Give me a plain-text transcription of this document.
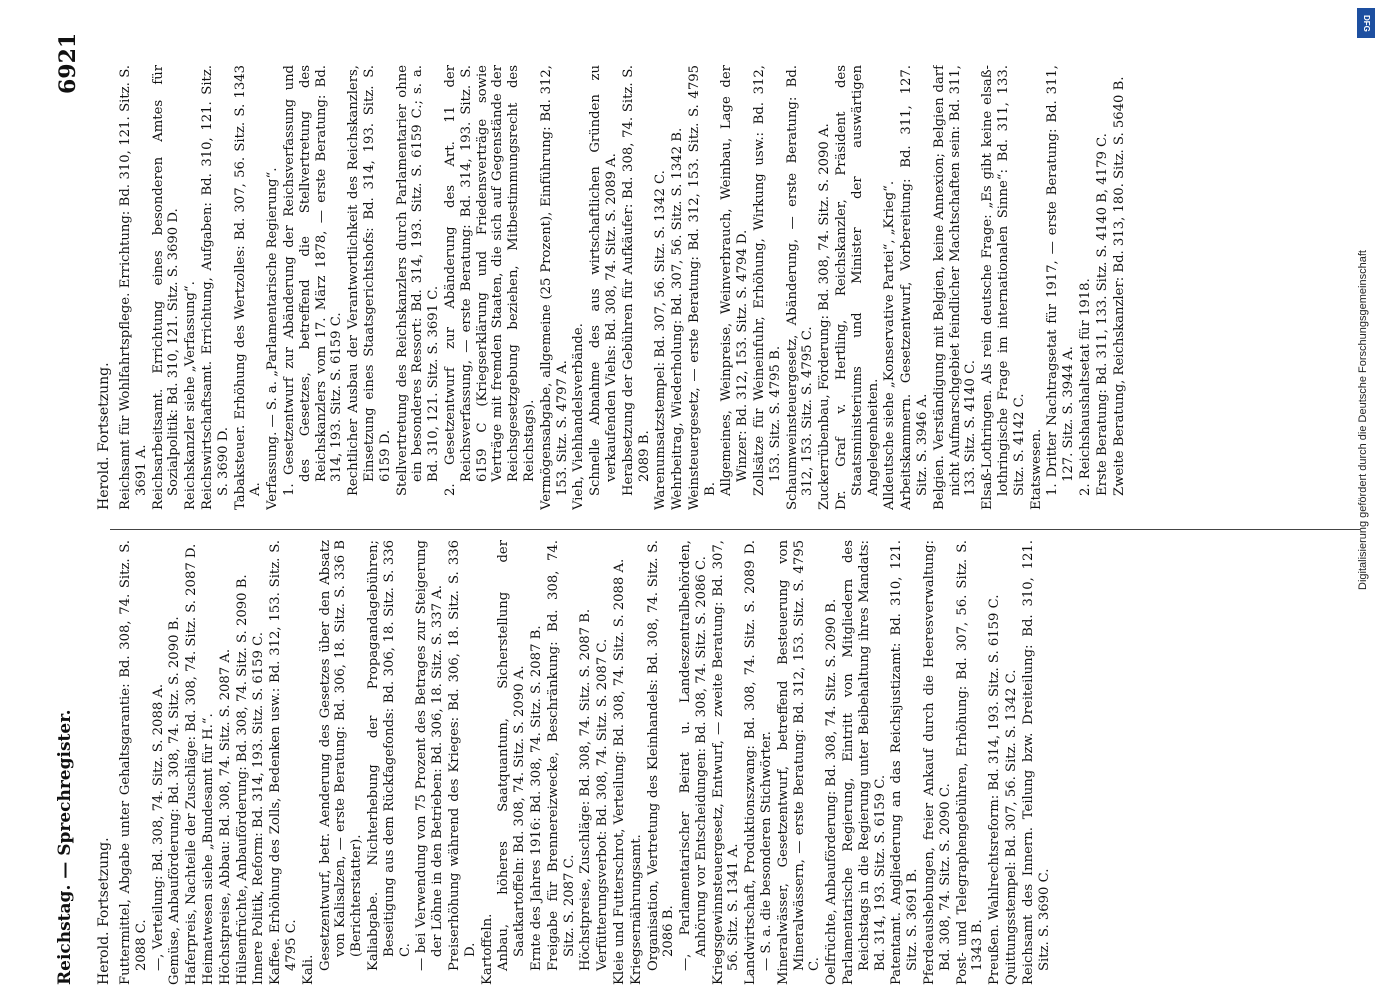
6921
Reichstag. — Sprechregister. Herold. Fortsetzung.
Herold. Fortsetzung.

Futtermittel, Abgabe unter Gehaltsgarantie: Bd. 308, 74. Sitz. S. 2088 C. —, Verteilung: Bd. 308, 74. Sitz. S. 2088 A. Gemüse, Anbauförderung: Bd. 308, 74. Sitz. S. 2090 B. Haferpreis, Nachteile der Zuschläge: Bd. 308, 74. Sitz. S. 2087 D. Heimatwesen siehe „Bundesamt für H.“. Höchstpreise, Abbau: Bd. 308, 74. Sitz. S. 2087 A. Hülsenfrüchte, Anbauförderung: Bd. 308, 74. Sitz. S. 2090 B. Innere Politik, Reform: Bd. 314, 193. Sitz. S. 6159 C. Kaffee. Erhöhung des Zolls, Bedenken usw.: Bd. 312, 153. Sitz. S. 4795 C. Kali. Gesetzentwurf, betr. Aenderung des Gesetzes über den Absatz von Kalisalzen, — erste Beratung: Bd. 306, 18. Sitz. S. 336 B (Berichterstatter). Kaliabgabe. Nichterhebung der Propagandagebühren; Beseitigung aus dem Rückfagefonds: Bd. 306, 18. Sitz. S. 336 C. — bei Verwendung von 75 Prozent des Betrages zur Steigerung der Löhne in den Betrieben: Bd. 306, 18. Sitz. S. 337 A. Preiserhöhung während des Krieges: Bd. 306, 18. Sitz. S. 336 D. Kartoffeln. Anbau, höheres Saatquantum, Sicherstellung der Saatkartoffeln: Bd. 308, 74. Sitz. S. 2090 A. Ernte des Jahres 1916: Bd. 308, 74. Sitz. S. 2087 B. Freigabe für Brennereizwecke, Beschränkung: Bd. 308, 74. Sitz. S. 2087 C. Höchstpreise, Zuschläge: Bd. 308, 74. Sitz. S. 2087 B. Verfütterungsverbot: Bd. 308, 74. Sitz. S. 2087 C. Kleie und Futterschrot, Verteilung: Bd. 308, 74. Sitz. S. 2088 A. Kriegsernährungsamt. Organisation, Vertretung des Kleinhandels: Bd. 308, 74. Sitz. S. 2086 B. —, Parlamentarischer Beirat u. Landeszentralbehörden, Anhörung vor Entscheidungen: Bd. 308, 74. Sitz. S. 2086 C. Kriegsgewinnsteuergesetz, Entwurf, — zweite Beratung: Bd. 307, 56. Sitz. S. 1341 A. Landwirtschaft, Produktionszwang: Bd. 308, 74. Sitz. S. 2089 D. — S. a. die besonderen Stichwörter. Mineralwässer, Gesetzentwurf, betreffend Besteuerung von Mineralwässern, — erste Beratung: Bd. 312, 153. Sitz. S. 4795 C. Oelfrüchte, Anbauförderung: Bd. 308, 74. Sitz. S. 2090 B. Parlamentarische Regierung, Eintritt von Mitgliedern des Reichstags in die Regierung unter Beibehaltung ihres Mandats: Bd. 314, 193. Sitz. S. 6159 C. Patentamt. Angliederung an das Reichsjustizamt: Bd. 310, 121. Sitz. S. 3691 B. Pferdeaushebungen, freier Ankauf durch die Heeresverwaltung: Bd. 308, 74. Sitz. S. 2090 C. Post- und Telegraphengebühren, Erhöhung: Bd. 307, 56. Sitz. S. 1343 B. Preußen. Wahlrechtsreform: Bd. 314, 193. Sitz. S. 6159 C. Quittungsstempel: Bd. 307, 56. Sitz. S. 1342 C. Reichsamt des Innern. Teilung bzw. Dreiteilung: Bd. 310, 121. Sitz. S. 3690 C.

Reichsamt für Wohlfahrtspflege. Errichtung: Bd. 310, 121. Sitz. S. 3691 A. Reichsarbeitsamt. Errichtung eines besonderen Amtes für Sozialpolitik: Bd. 310, 121. Sitz. S. 3690 D. Reichskanzler siehe „Verfassung“. Reichswirtschaftsamt. Errichtung, Aufgaben: Bd. 310, 121. Sitz. S. 3690 D. Tabaksteuer. Erhöhung des Wertzolles: Bd. 307, 56. Sitz. S. 1343 A. Verfassung. — S. a. „Parlamentarische Regierung“. 1. Gesetzentwurf zur Abänderung der Reichsverfassung und des Gesetzes, betreffend die Stellvertretung des Reichskanzlers vom 17. März 1878, — erste Beratung: Bd. 314, 193. Sitz. S. 6159 C. Rechtlicher Ausbau der Verantwortlichkeit des Reichskanzlers, Einsetzung eines Staatsgerichtshofs: Bd. 314, 193. Sitz. S. 6159 D. Stellvertretung des Reichskanzlers durch Parlamentarier ohne ein besonderes Ressort: Bd. 314, 193. Sitz. S. 6159 C.; s. a. Bd. 310, 121. Sitz. S. 3691 C. 2. Gesetzentwurf zur Abänderung des Art. 11 der Reichsverfassung, — erste Beratung: Bd. 314, 193. Sitz. S. 6159 C (Kriegserklärung und Friedensverträge sowie Verträge mit fremden Staaten, die sich auf Gegenstände der Reichsgesetzgebung beziehen, Mitbestimmungsrecht des Reichstags). Vermögensabgabe, allgemeine (25 Prozent), Einführung: Bd. 312, 153. Sitz. S. 4797 A. Vieh, Viehhandelsverbände. Schnelle Abnahme des aus wirtschaftlichen Gründen zu verkaufenden Viehs: Bd. 308, 74. Sitz. S. 2089 A. Herabsetzung der Gebühren für Aufkäufer: Bd. 308, 74. Sitz. S. 2089 B. Warenumsatzstempel: Bd. 307, 56. Sitz. S. 1342 C. Wehrbeitrag, Wiederholung: Bd. 307, 56. Sitz. S. 1342 B. Weinsteuergesetz, — erste Beratung: Bd. 312, 153. Sitz. S. 4795 B. Allgemeines, Weinpreise, Weinverbrauch, Weinbau, Lage der Winzer: Bd. 312, 153. Sitz. S. 4794 D. Zollsätze für Weineinfuhr, Erhöhung, Wirkung usw.: Bd. 312, 153. Sitz. S. 4795 B. Schaumweinsteuergesetz, Abänderung, — erste Beratung: Bd. 312, 153. Sitz. S. 4795 C. Zuckerrübenbau, Förderung: Bd. 308, 74. Sitz. S. 2090 A. Dr. Graf v. Hertling, Reichskanzler, Präsident des Staatsministeriums und Minister der auswärtigen Angelegenheiten. Alldeutsche siehe „Konservative Partei“, „Krieg“. Arbeitskammern. Gesetzentwurf, Vorbereitung: Bd. 311, 127. Sitz. S. 3946 A. Belgien. Verständigung mit Belgien, keine Annexion; Belgien darf nicht Aufmarschgebiet feindlicher Machtschaften sein: Bd. 311, 133. Sitz. S. 4140 C. Elsaß-Lothringen. Als rein deutsche Frage: „Es gibt keine elsaß-lothringische Frage im internationalen Sinne“: Bd. 311, 133. Sitz. S. 4142 C. Etatswesen. 1. Dritter Nachtragsetat für 1917, — erste Beratung: Bd. 311, 127. Sitz. S. 3944 A. 2. Reichshaushaltsetat für 1918. Erste Beratung: Bd. 311, 133. Sitz. S. 4140 B, 4179 C. Zweite Beratung, Reichskanzler: Bd. 313, 180. Sitz. S. 5640 B.

DFG
Digitalisierung gefördert durch die Deutsche Forschungsgemeinschaft
